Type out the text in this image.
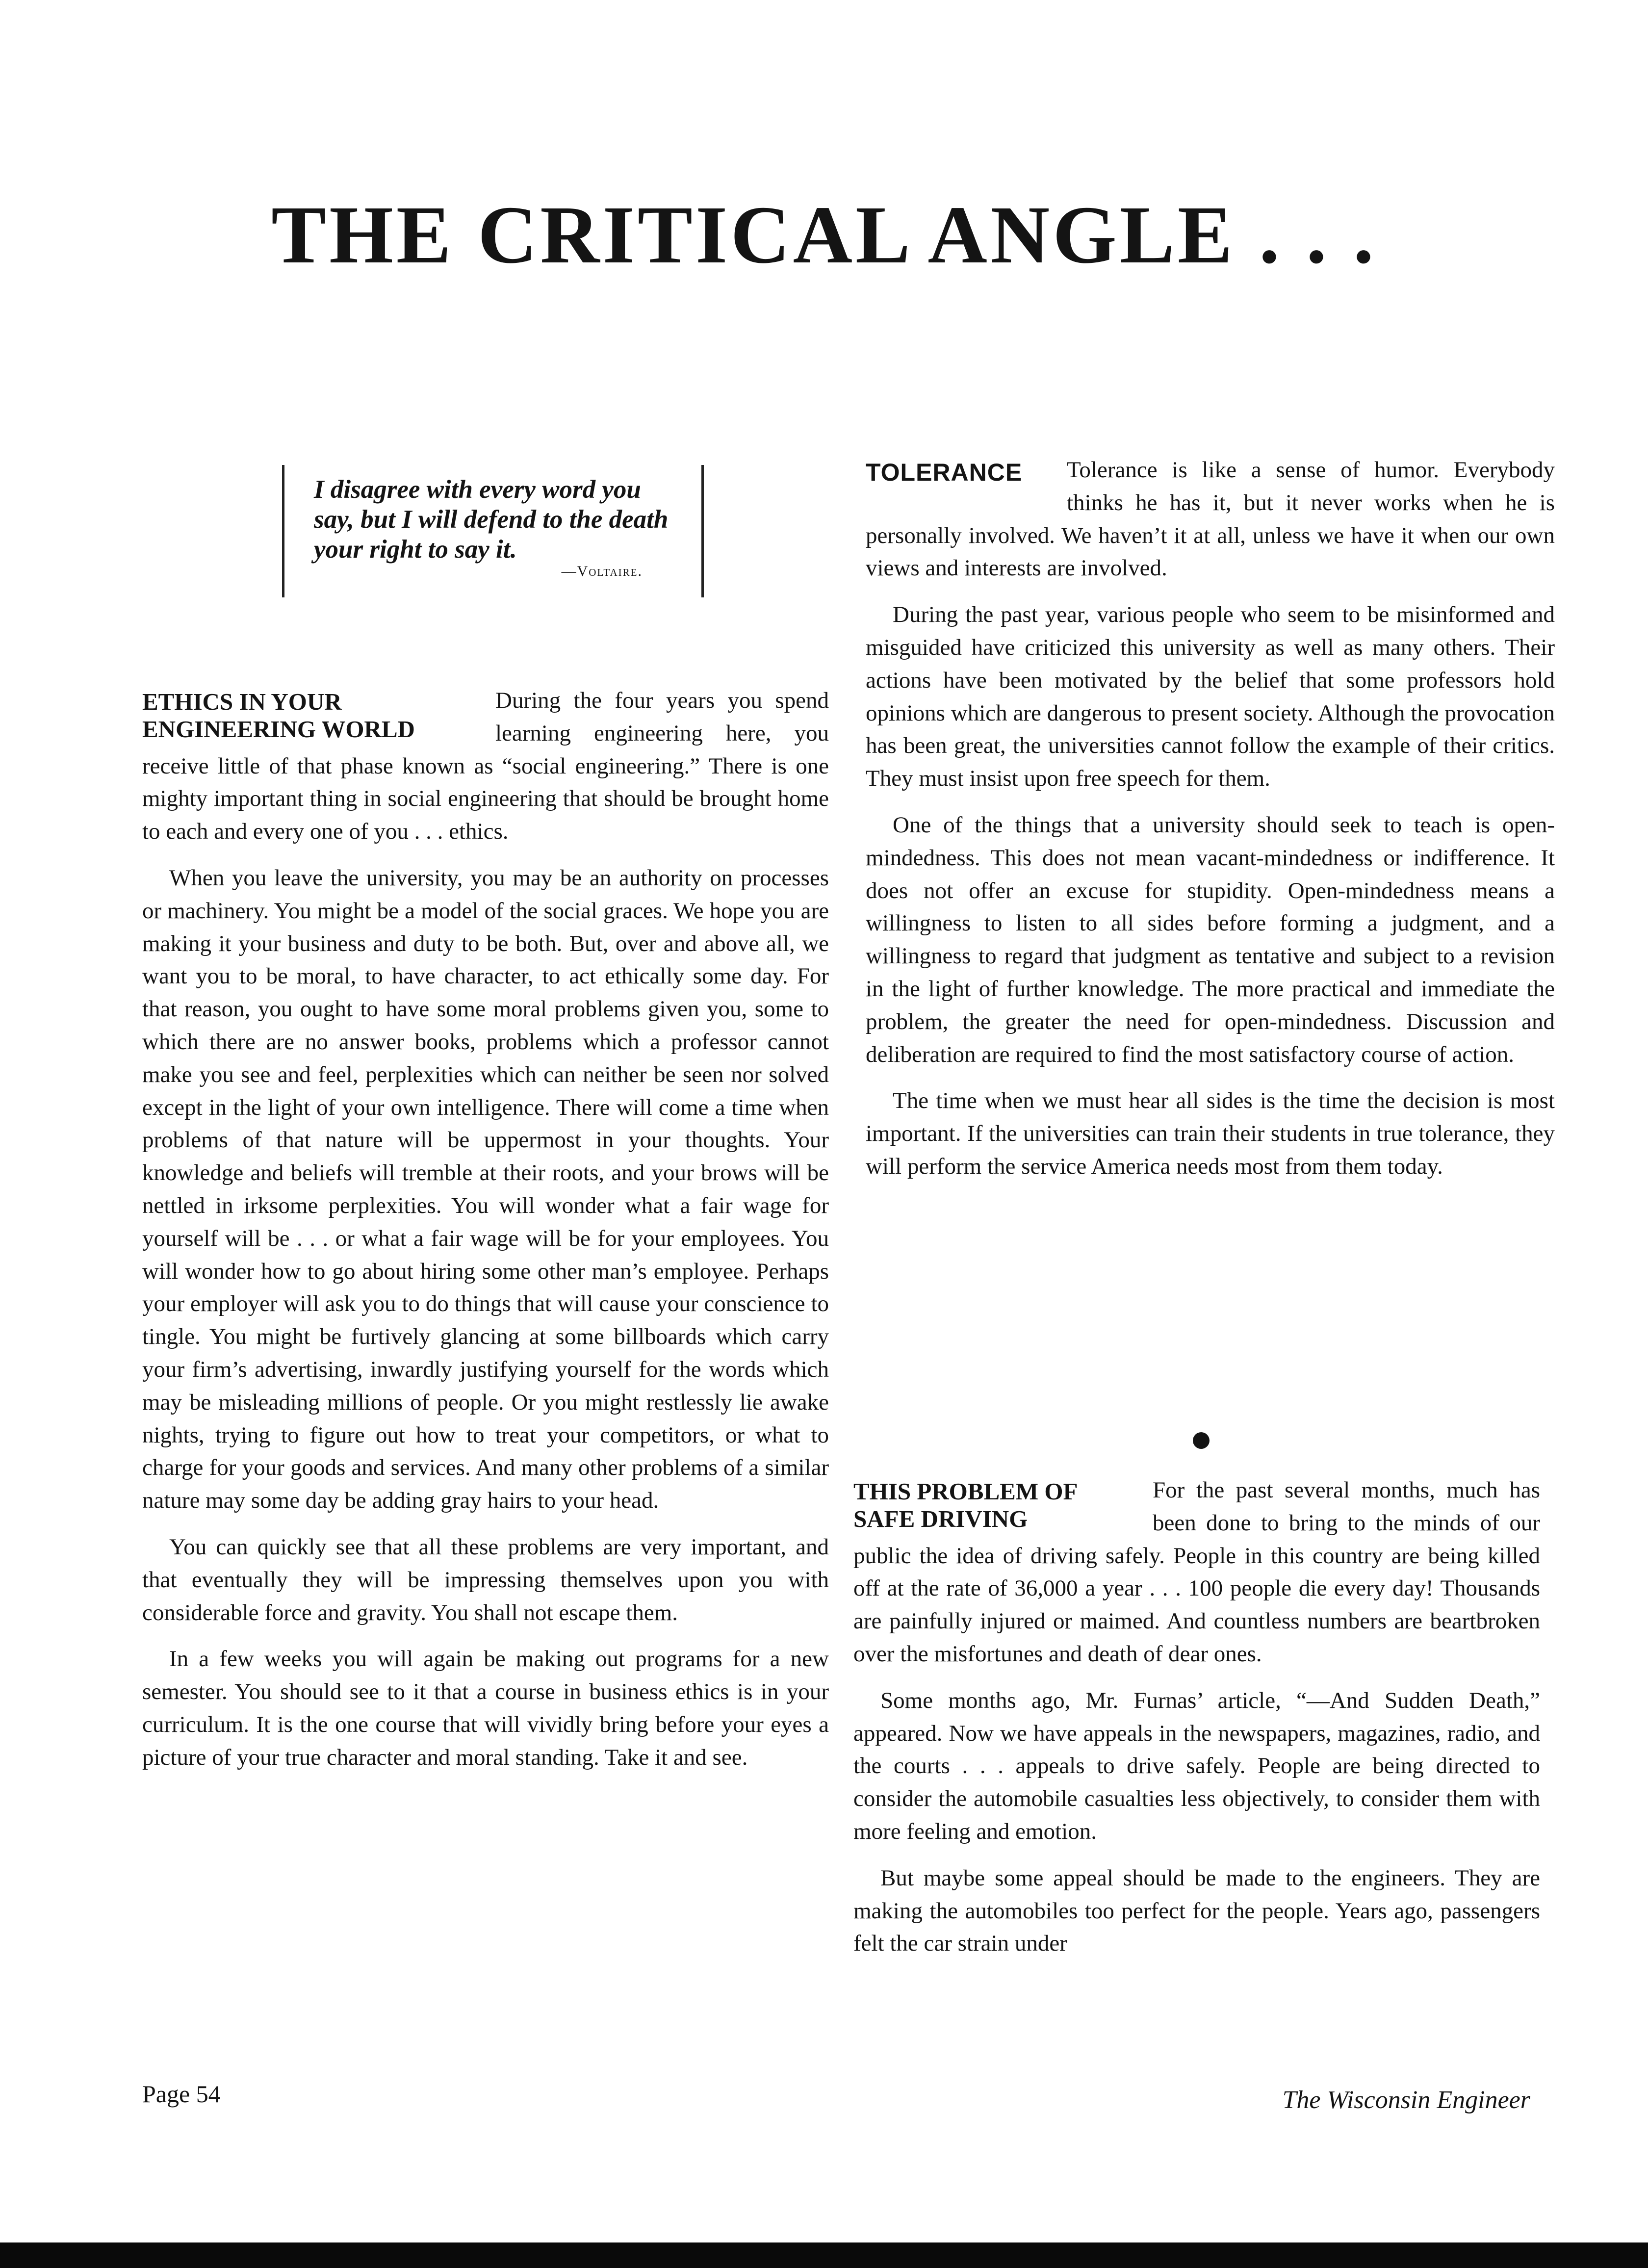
THE CRITICAL ANGLE . . .

I disagree with every word you say, but I will defend to the death your right to say it.

—Voltaire.

ETHICS IN YOUR ENGINEERING WORLD

During the four years you spend learning engineering here, you receive little of that phase known as “social engineering.” There is one mighty important thing in social engineering that should be brought home to each and every one of you . . . ethics.

When you leave the university, you may be an authority on processes or machinery. You might be a model of the social graces. We hope you are making it your business and duty to be both. But, over and above all, we want you to be moral, to have character, to act ethically some day. For that reason, you ought to have some moral problems given you, some to which there are no answer books, problems which a professor cannot make you see and feel, perplexities which can neither be seen nor solved except in the light of your own intelligence. There will come a time when problems of that nature will be uppermost in your thoughts. Your knowledge and beliefs will tremble at their roots, and your brows will be nettled in irksome perplexities. You will wonder what a fair wage for yourself will be . . . or what a fair wage will be for your employees. You will wonder how to go about hiring some other man’s employee. Perhaps your employer will ask you to do things that will cause your conscience to tingle. You might be furtively glancing at some billboards which carry your firm’s advertising, inwardly justifying yourself for the words which may be misleading millions of people. Or you might restlessly lie awake nights, trying to figure out how to treat your competitors, or what to charge for your goods and services. And many other problems of a similar nature may some day be adding gray hairs to your head.

You can quickly see that all these problems are very important, and that eventually they will be impressing themselves upon you with considerable force and gravity. You shall not escape them.

In a few weeks you will again be making out programs for a new semester. You should see to it that a course in business ethics is in your curriculum. It is the one course that will vividly bring before your eyes a picture of your true character and moral standing. Take it and see.

TOLERANCE	Tolerance is like a sense of humor. Everybody thinks he has it, but it never works when he is personally involved. We haven’t it at all, unless we have it when our own views and interests are involved.

During the past year, various people who seem to be misinformed and misguided have criticized this university as well as many others. Their actions have been motivated by the belief that some professors hold opinions which are dangerous to present society. Although the provocation has been great, the universities cannot follow the example of their critics. They must insist upon free speech for them.

One of the things that a university should seek to teach is open-mindedness. This does not mean vacant-mindedness or indifference. It does not offer an excuse for stupidity. Open-mindedness means a willingness to listen to all sides before forming a judgment, and a willingness to regard that judgment as tentative and subject to a revision in the light of further knowledge. The more practical and immediate the problem, the greater the need for open-mindedness. Discussion and deliberation are required to find the most satisfactory course of action.

The time when we must hear all sides is the time the decision is most important. If the universities can train their students in true tolerance, they will perform the service America needs most from them today.

THIS PROBLEM OF SAFE DRIVING

For the past several months, much has been done to bring to the minds of our public the idea of driving safely. People in this country are being killed off at the rate of 36,000 a year . . . 100 people die every day! Thousands are painfully injured or maimed. And countless numbers are beartbroken over the misfortunes and death of dear ones.

Some months ago, Mr. Furnas’ article, “—And Sudden Death,” appeared. Now we have appeals in the newspapers, magazines, radio, and the courts . . . appeals to drive safely. People are being directed to consider the automobile casualties less objectively, to consider them with more feeling and emotion.

But maybe some appeal should be made to the engineers. They are making the automobiles too perfect for the people. Years ago, passengers felt the car strain under

Page 54	The Wisconsin Engineer
